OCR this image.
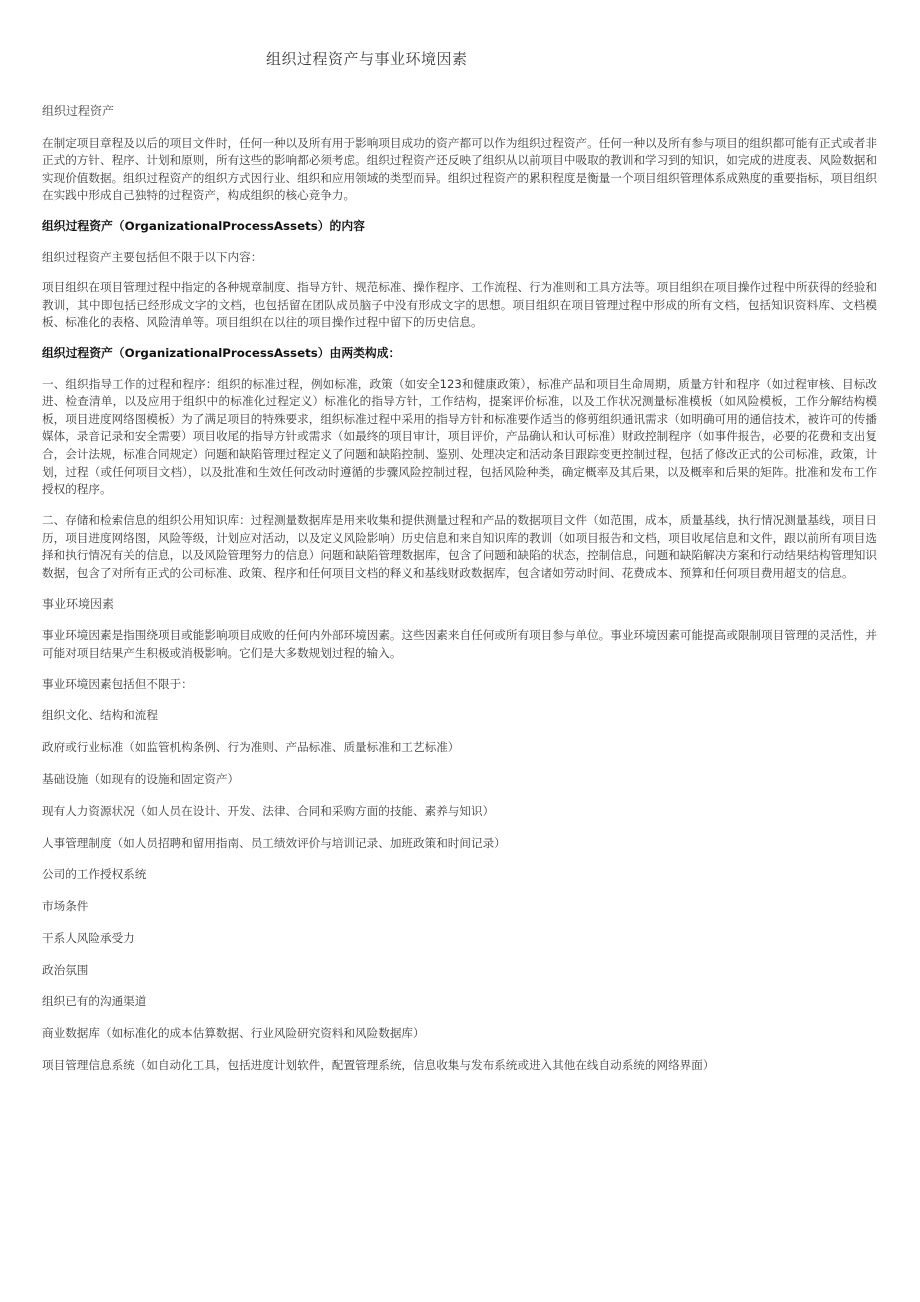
组织过程资产与事业环境因素

组织过程资产

在制定项目章程及以后的项目文件时，任何一种以及所有用于影响项目成功的资产都可以作为组织过程资产。任何一种以及所有参与项目的组织都可能有正式或者非正式的方针、程序、计划和原则，所有这些的影响都必须考虑。组织过程资产还反映了组织从以前项目中吸取的教训和学习到的知识，如完成的进度表、风险数据和实现价值数据。组织过程资产的组织方式因行业、组织和应用领域的类型而异。组织过程资产的累积程度是衡量一个项目组织管理体系成熟度的重要指标，项目组织在实践中形成自己独特的过程资产，构成组织的核心竞争力。

组织过程资产（OrganizationalProcessAssets）的内容

组织过程资产主要包括但不限于以下内容：

项目组织在项目管理过程中指定的各种规章制度、指导方针、规范标准、操作程序、工作流程、行为准则和工具方法等。项目组织在项目操作过程中所获得的经验和教训，其中即包括已经形成文字的文档，也包括留在团队成员脑子中没有形成文字的思想。项目组织在项目管理过程中形成的所有文档，包括知识资料库、文档模板、标准化的表格、风险清单等。项目组织在以往的项目操作过程中留下的历史信息。

组织过程资产（OrganizationalProcessAssets）由两类构成：

一、组织指导工作的过程和程序：组织的标准过程，例如标准，政策（如安全123和健康政策），标准产品和项目生命周期，质量方针和程序（如过程审核、目标改进、检查清单，以及应用于组织中的标准化过程定义）标准化的指导方针，工作结构，提案评价标准，以及工作状况测量标准模板（如风险模板，工作分解结构模板，项目进度网络图模板）为了满足项目的特殊要求，组织标准过程中采用的指导方针和标准要作适当的修剪组织通讯需求（如明确可用的通信技术，被许可的传播媒体，录音记录和安全需要）项目收尾的指导方针或需求（如最终的项目审计，项目评价，产品确认和认可标准）财政控制程序（如事件报告，必要的花费和支出复合，会计法规，标准合同规定）问题和缺陷管理过程定义了问题和缺陷控制、鉴别、处理决定和活动条目跟踪变更控制过程，包括了修改正式的公司标准，政策，计划，过程（或任何项目文档），以及批准和生效任何改动时遵循的步骤风险控制过程，包括风险种类，确定概率及其后果，以及概率和后果的矩阵。批准和发布工作授权的程序。

二、存储和检索信息的组织公用知识库：过程测量数据库是用来收集和提供测量过程和产品的数据项目文件（如范围，成本，质量基线，执行情况测量基线，项目日历，项目进度网络图，风险等级，计划应对活动，以及定义风险影响）历史信息和来自知识库的教训（如项目报告和文档，项目收尾信息和文件，跟以前所有项目选择和执行情况有关的信息，以及风险管理努力的信息）问题和缺陷管理数据库，包含了问题和缺陷的状态，控制信息，问题和缺陷解决方案和行动结果结构管理知识数据，包含了对所有正式的公司标准、政策、程序和任何项目文档的释义和基线财政数据库，包含诸如劳动时间、花费成本、预算和任何项目费用超支的信息。

事业环境因素

事业环境因素是指围绕项目或能影响项目成败的任何内外部环境因素。这些因素来自任何或所有项目参与单位。事业环境因素可能提高或限制项目管理的灵活性，并可能对项目结果产生积极或消极影响。它们是大多数规划过程的输入。

事业环境因素包括但不限于：

组织文化、结构和流程

政府或行业标准（如监管机构条例、行为准则、产品标准、质量标准和工艺标准）

基础设施（如现有的设施和固定资产）

现有人力资源状况（如人员在设计、开发、法律、合同和采购方面的技能、素养与知识）

人事管理制度（如人员招聘和留用指南、员工绩效评价与培训记录、加班政策和时间记录）

公司的工作授权系统

市场条件

干系人风险承受力

政治氛围

组织已有的沟通渠道

商业数据库（如标准化的成本估算数据、行业风险研究资料和风险数据库）

项目管理信息系统（如自动化工具，包括进度计划软件，配置管理系统，信息收集与发布系统或进入其他在线自动系统的网络界面）
